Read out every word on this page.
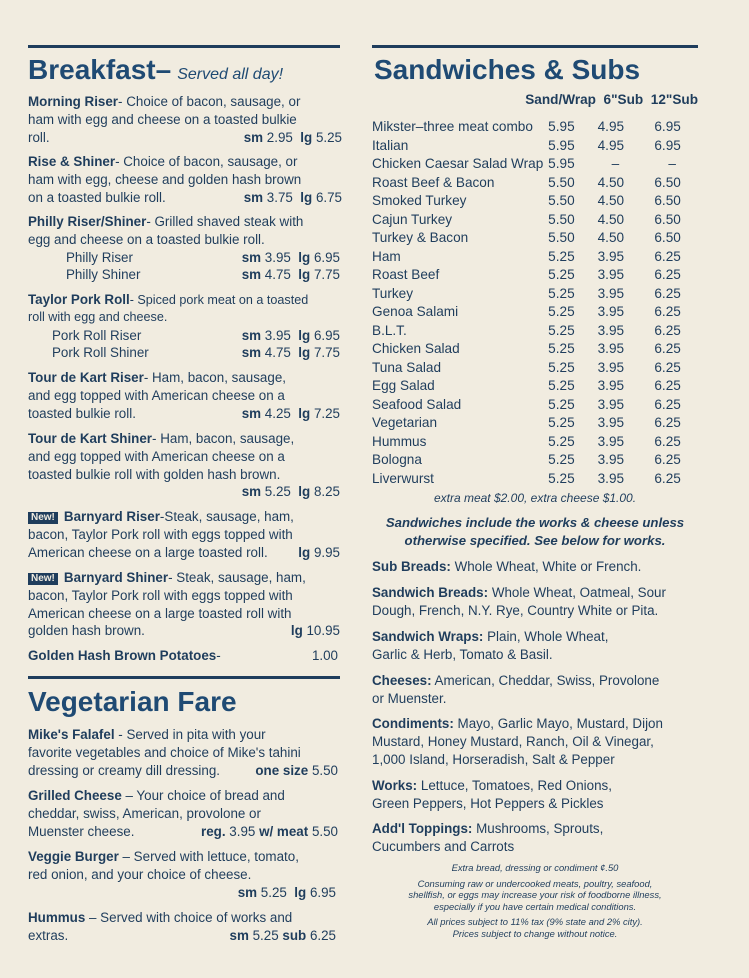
Breakfast– Served all day!
Morning Riser- Choice of bacon, sausage, or
ham with egg and cheese on a toasted bulkie
roll.	sm 2.95 lg 5.25
Rise & Shiner- Choice of bacon, sausage, or
ham with egg, cheese and golden hash brown
on a toasted bulkie roll.	sm 3.75 lg 6.75
Philly Riser/Shiner- Grilled shaved steak with
egg and cheese on a toasted bulkie roll.
Philly Riser	sm 3.95 lg 6.95
Philly Shiner	sm 4.75 lg 7.75
Taylor Pork Roll- Spiced pork meat on a toasted
roll with egg and cheese.
Pork Roll Riser	sm 3.95 lg 6.95
Pork Roll Shiner	sm 4.75 lg 7.75
Tour de Kart Riser- Ham, bacon, sausage,
and egg topped with American cheese on a
toasted bulkie roll.	sm 4.25 lg 7.25
Tour de Kart Shiner- Ham, bacon, sausage,
and egg topped with American cheese on a
toasted bulkie roll with golden hash brown.
sm 5.25 lg 8.25
New! Barnyard Riser-Steak, sausage, ham,
bacon, Taylor Pork roll with eggs topped with
American cheese on a large toasted roll. lg 9.95
New! Barnyard Shiner- Steak, sausage, ham,
bacon, Taylor Pork roll with eggs topped with
American cheese on a large toasted roll with
golden hash brown.	lg 10.95
Golden Hash Brown Potatoes-	1.00
Vegetarian Fare
Mike's Falafel - Served in pita with your
favorite vegetables and choice of Mike's tahini
dressing or creamy dill dressing.	one size 5.50
Grilled Cheese – Your choice of bread and
cheddar, swiss, American, provolone or
Muenster cheese.	reg. 3.95 w/ meat 5.50
Veggie Burger – Served with lettuce, tomato,
red onion, and your choice of cheese.
sm 5.25 lg 6.95
Hummus – Served with choice of works and
extras.	sm 5.25 sub 6.25
Sandwiches & Subs
Sand/Wrap  6"Sub  12"Sub
Mikster–three meat combo	5.95	4.95	6.95
Italian	5.95	4.95	6.95
Chicken Caesar Salad Wrap	5.95	–	–
Roast Beef & Bacon	5.50	4.50	6.50
Smoked Turkey	5.50	4.50	6.50
Cajun Turkey	5.50	4.50	6.50
Turkey & Bacon	5.50	4.50	6.50
Ham	5.25	3.95	6.25
Roast Beef	5.25	3.95	6.25
Turkey	5.25	3.95	6.25
Genoa Salami	5.25	3.95	6.25
B.L.T.	5.25	3.95	6.25
Chicken Salad	5.25	3.95	6.25
Tuna Salad	5.25	3.95	6.25
Egg Salad	5.25	3.95	6.25
Seafood Salad	5.25	3.95	6.25
Vegetarian	5.25	3.95	6.25
Hummus	5.25	3.95	6.25
Bologna	5.25	3.95	6.25
Liverwurst	5.25	3.95	6.25
extra meat $2.00, extra cheese $1.00.
Sandwiches include the works & cheese unless
otherwise specified. See below for works.
Sub Breads: Whole Wheat, White or French.
Sandwich Breads: Whole Wheat, Oatmeal, Sour
Dough, French, N.Y. Rye, Country White or Pita.
Sandwich Wraps: Plain, Whole Wheat,
Garlic & Herb, Tomato & Basil.
Cheeses: American, Cheddar, Swiss, Provolone
or Muenster.
Condiments: Mayo, Garlic Mayo, Mustard, Dijon
Mustard, Honey Mustard, Ranch, Oil & Vinegar,
1,000 Island, Horseradish, Salt & Pepper
Works: Lettuce, Tomatoes, Red Onions,
Green Peppers, Hot Peppers & Pickles
Add'l Toppings: Mushrooms, Sprouts,
Cucumbers and Carrots
Extra bread, dressing or condiment ¢.50
Consuming raw or undercooked meats, poultry, seafood,
shellfish, or eggs may increase your risk of foodborne illness,
especially if you have certain medical conditions.
All prices subject to 11% tax (9% state and 2% city).
Prices subject to change without notice.
